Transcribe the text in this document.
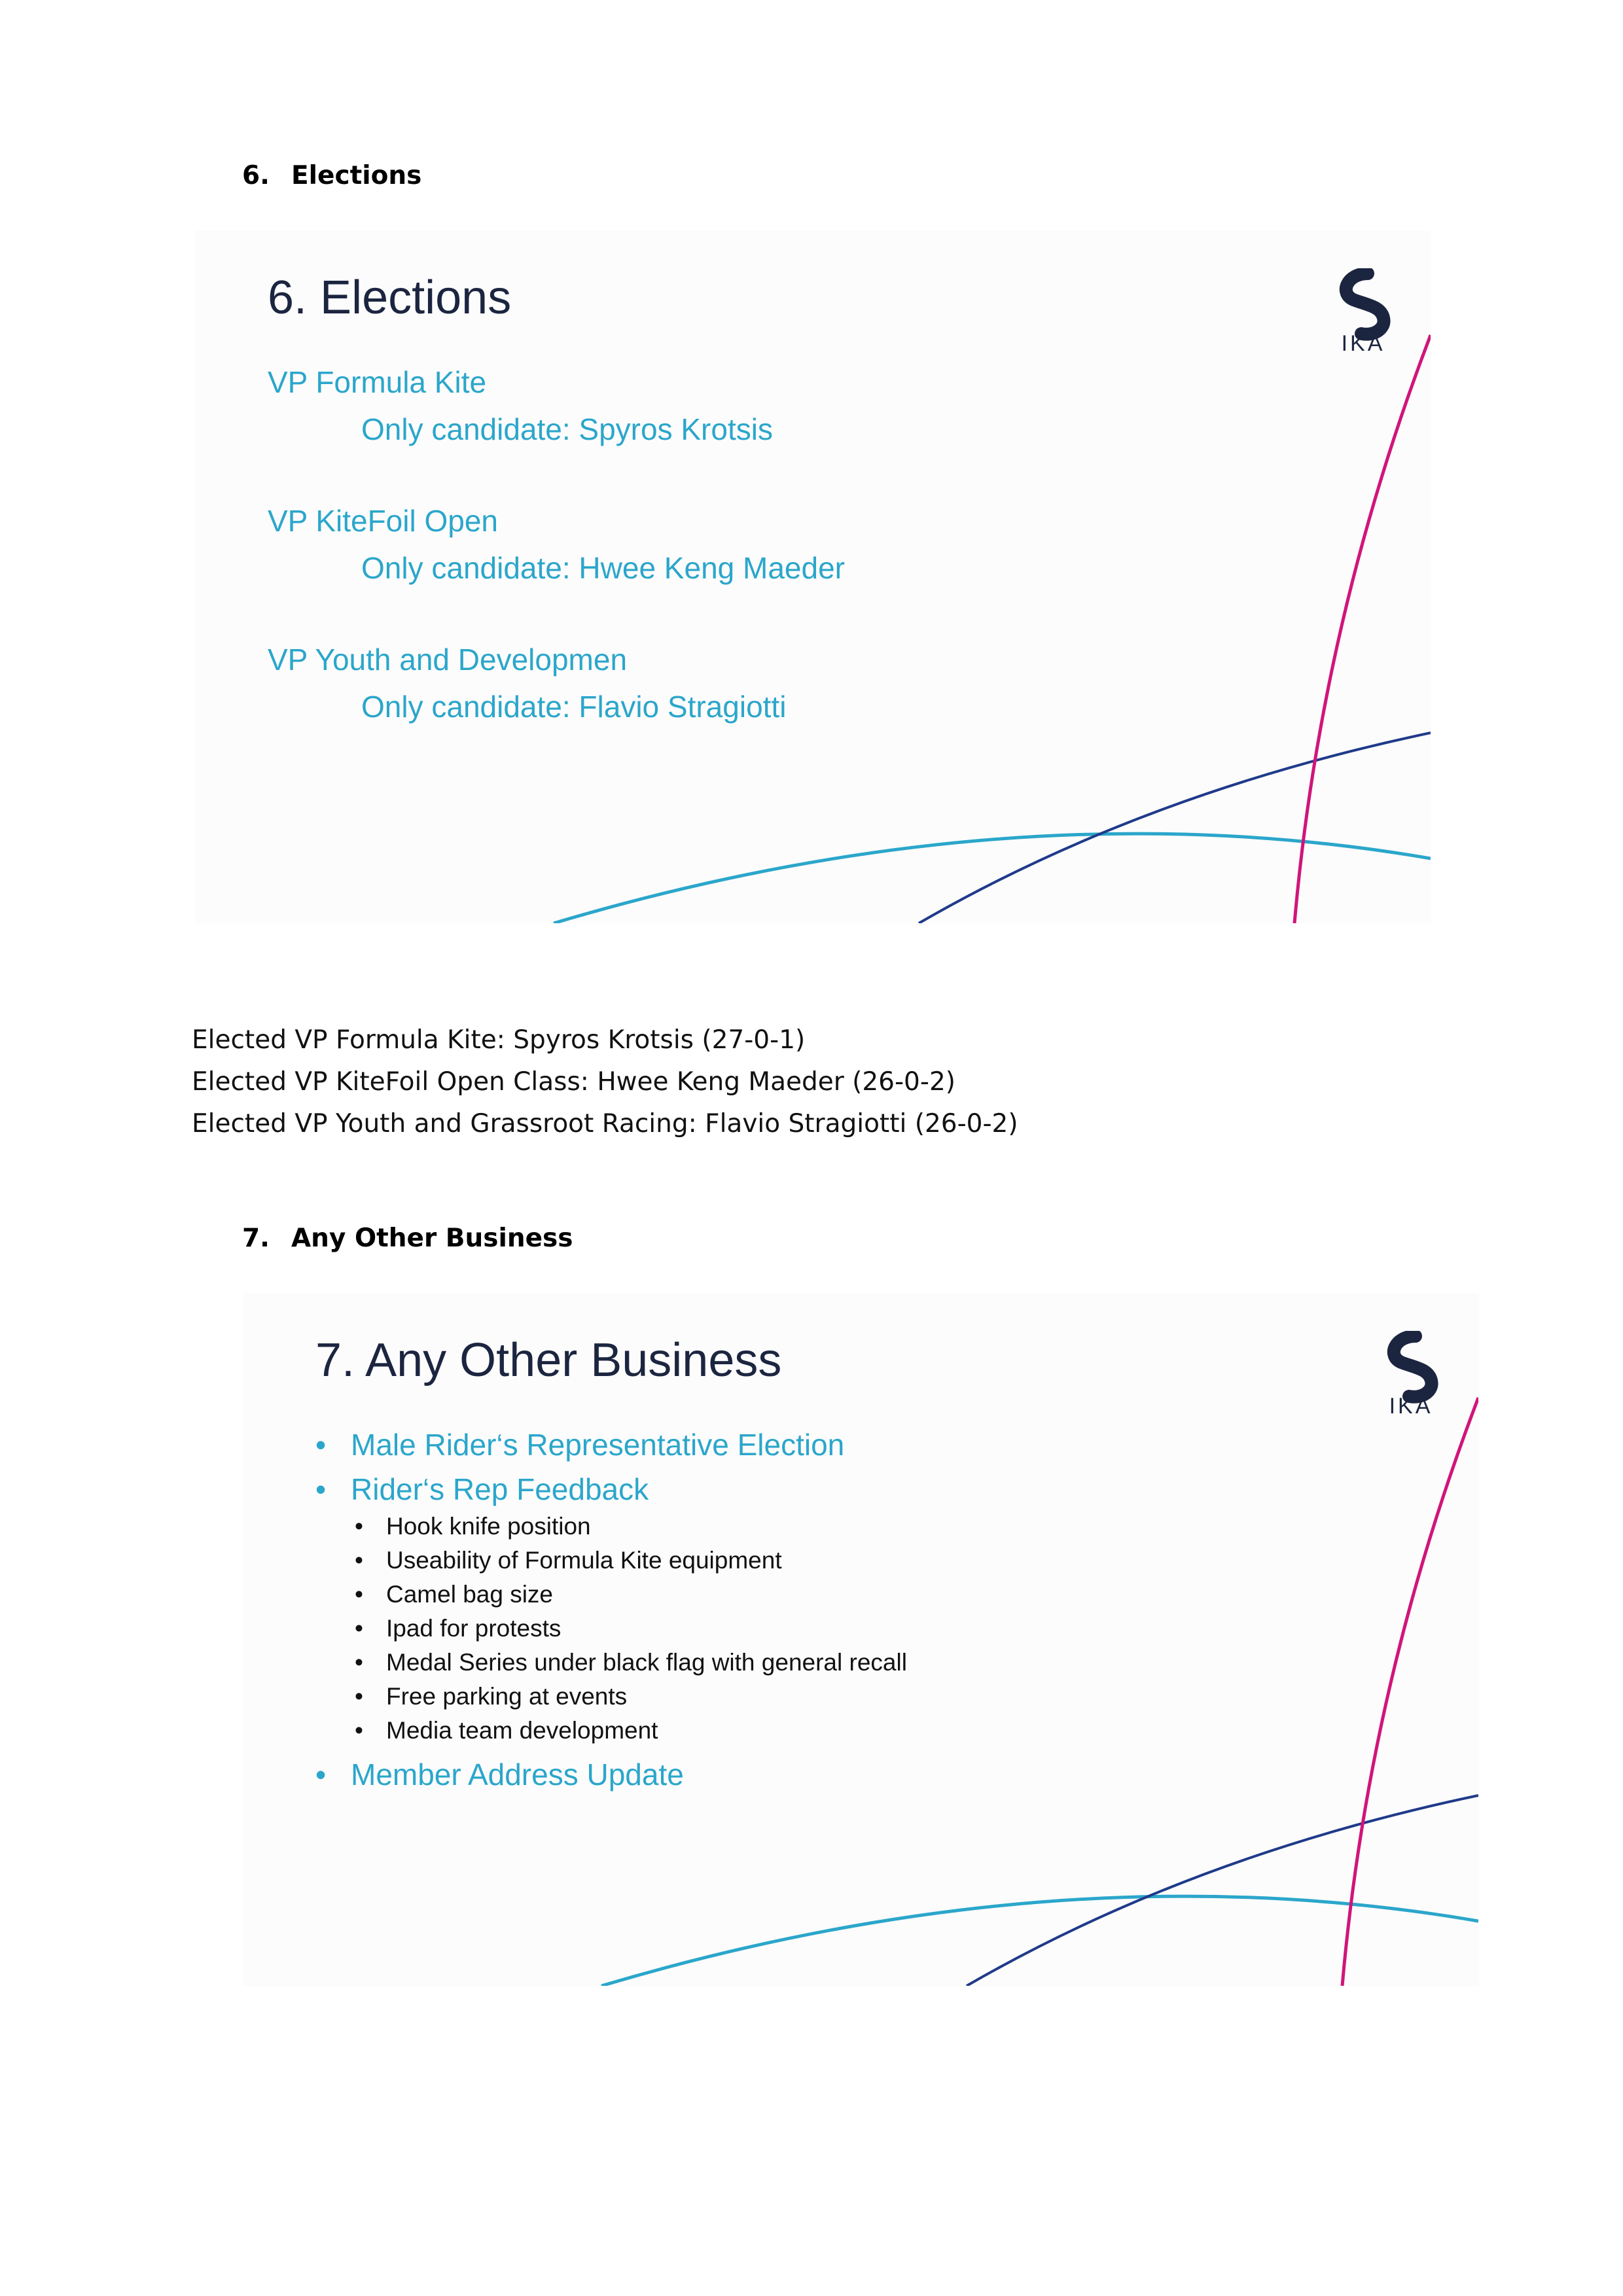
6. Elections
6. Elections
IKA
VP Formula Kite
Only candidate: Spyros Krotsis
VP KiteFoil Open
Only candidate: Hwee Keng Maeder
VP Youth and Developmen
Only candidate: Flavio Stragiotti
Elected VP Formula Kite: Spyros Krotsis (27-0-1)
Elected VP KiteFoil Open Class: Hwee Keng Maeder (26-0-2)
Elected VP Youth and Grassroot Racing: Flavio Stragiotti (26-0-2)
7. Any Other Business
7. Any Other Business
IKA
• Male Rider‘s Representative Election
• Rider‘s Rep Feedback
• Hook knife position
• Useability of Formula Kite equipment
• Camel bag size
• Ipad for protests
• Medal Series under black flag with general recall
• Free parking at events
• Media team development
• Member Address Update
